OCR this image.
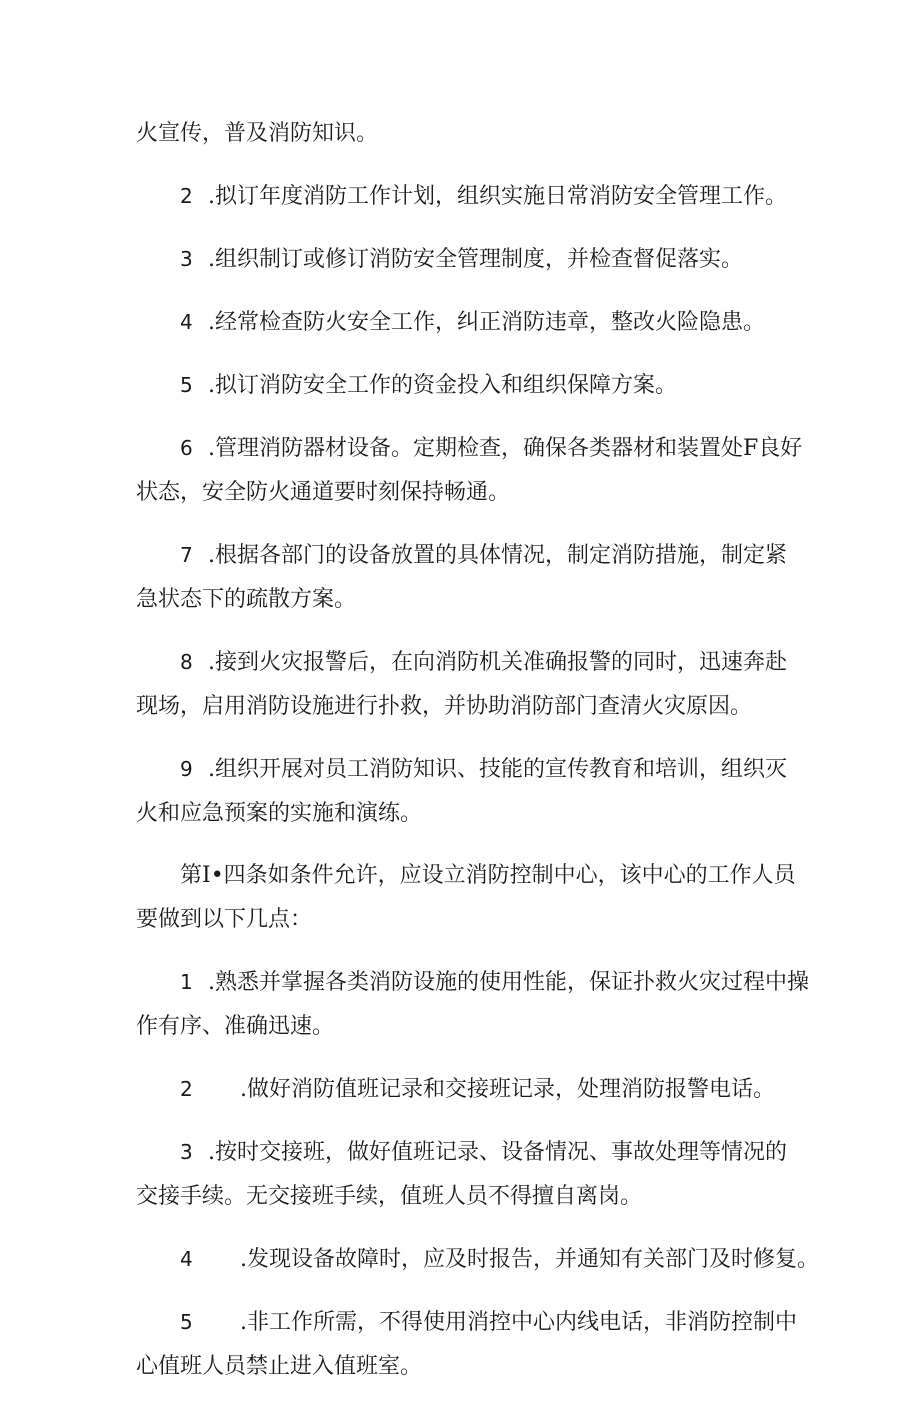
火宣传，普及消防知识。
2 .拟订年度消防工作计划，组织实施日常消防安全管理工作。
3 .组织制订或修订消防安全管理制度，并检查督促落实。
4 .经常检查防火安全工作，纠正消防违章，整改火险隐患。
5 .拟订消防安全工作的资金投入和组织保障方案。
6 .管理消防器材设备。定期检查，确保各类器材和装置处F良好
状态，安全防火通道要时刻保持畅通。
7 .根据各部门的设备放置的具体情况，制定消防措施，制定紧
急状态下的疏散方案。
8 .接到火灾报警后，在向消防机关准确报警的同时，迅速奔赴
现场，启用消防设施进行扑救，并协助消防部门查清火灾原因。
9 .组织开展对员工消防知识、技能的宣传教育和培训，组织灭
火和应急预案的实施和演练。
第I•四条如条件允许，应设立消防控制中心，该中心的工作人员
要做到以下几点：
1 .熟悉并掌握各类消防设施的使用性能，保证扑救火灾过程中操
作有序、准确迅速。
2 .做好消防值班记录和交接班记录，处理消防报警电话。
3 .按时交接班，做好值班记录、设备情况、事故处理等情况的
交接手续。无交接班手续，值班人员不得擅自离岗。
4 .发现设备故障时，应及时报告，并通知有关部门及时修复。
5 .非工作所需，不得使用消控中心内线电话，非消防控制中
心值班人员禁止进入值班室。
